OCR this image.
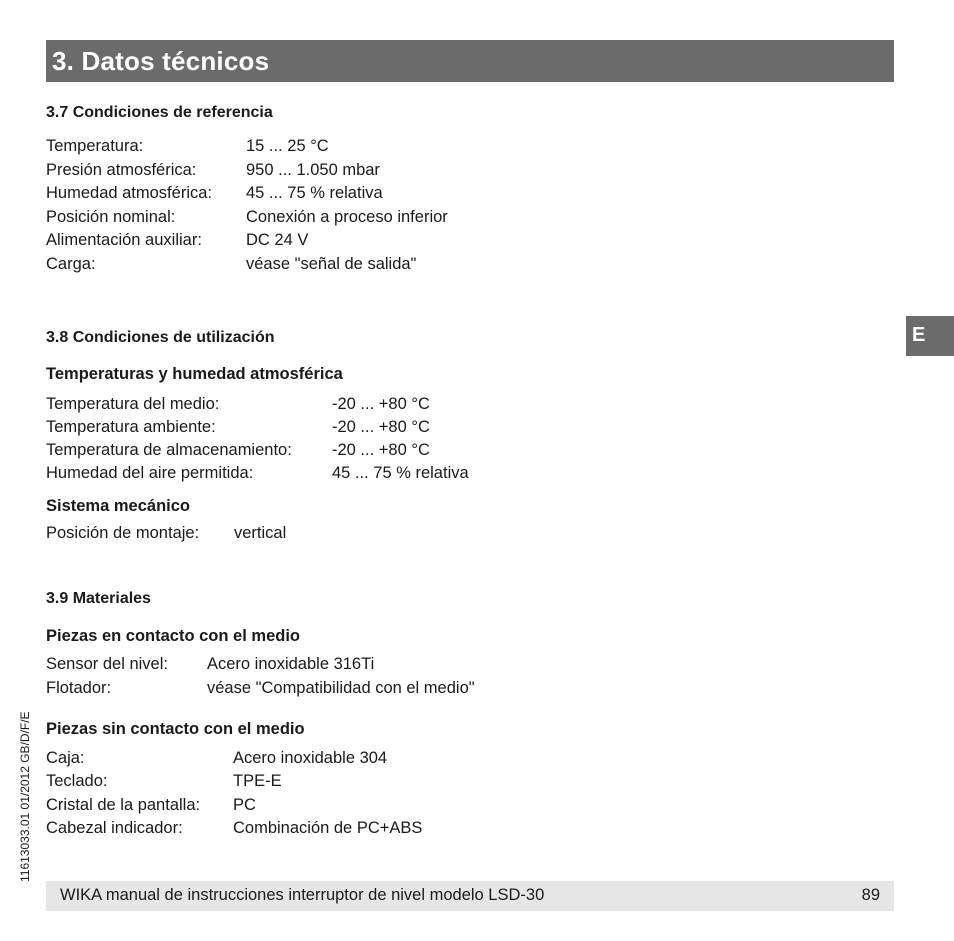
3. Datos técnicos
E
11613033.01 01/2012 GB/D/F/E
3.7 Condiciones de referencia
Temperatura:	15 ... 25 °C
Presión atmosférica:	950 ... 1.050 mbar
Humedad atmosférica: 45 ... 75 % relativa
Posición nominal:	Conexión a proceso inferior
Alimentación auxiliar:	DC 24 V
Carga:	véase "señal de salida"
3.8 Condiciones de utilización
Temperaturas y humedad atmosférica
Temperatura del medio:	-20 ... +80 °C
Temperatura ambiente:	-20 ... +80 °C
Temperatura de almacenamiento: -20 ... +80 °C
Humedad del aire permitida:	45 ... 75 % relativa
Sistema mecánico
Posición de montaje: vertical
3.9 Materiales
Piezas en contacto con el medio
Sensor del nivel: Acero inoxidable 316Ti
Flotador:	véase "Compatibilidad con el medio"
Piezas sin contacto con el medio
Caja:	Acero inoxidable 304
Teclado:	TPE-E
Cristal de la pantalla: PC
Cabezal indicador:	Combinación de PC+ABS
WIKA manual de instrucciones interruptor de nivel modelo LSD-30	89
